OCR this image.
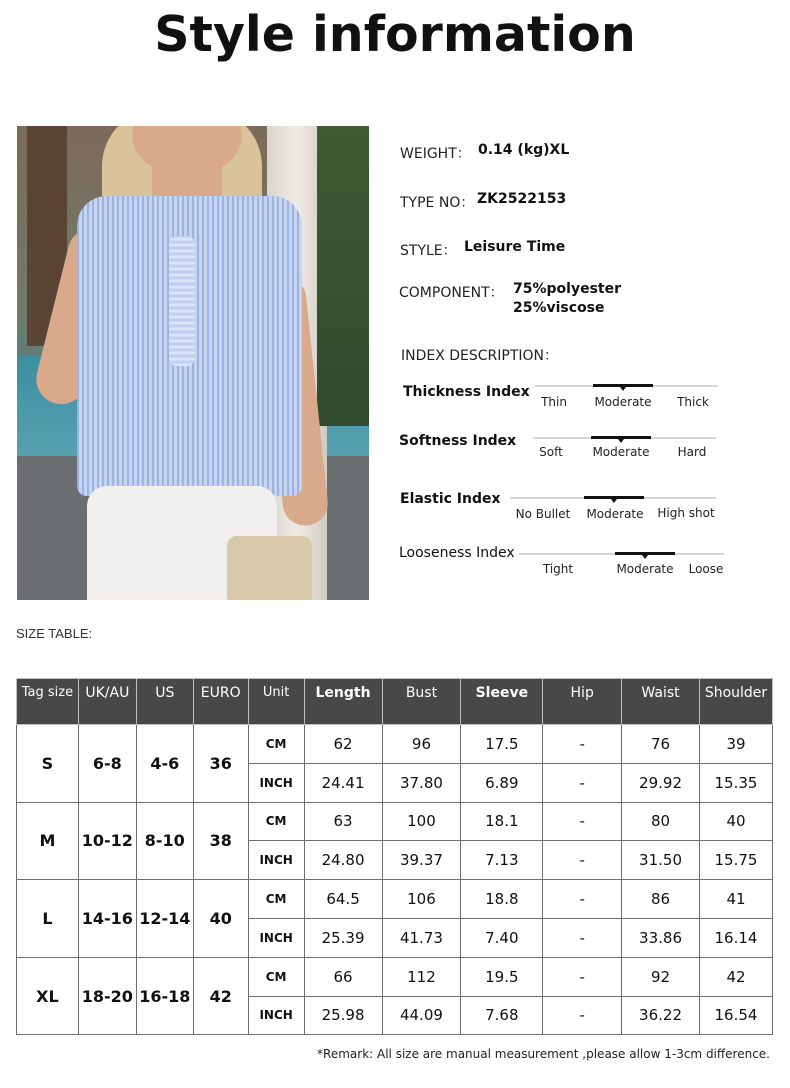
Style information
WEIGHT： 0.14 (kg)XL
TYPE NO： ZK2522153
STYLE： Leisure Time
COMPONENT： 75%polyester
25%viscose
INDEX DESCRIPTION：
Thickness Index
Thin	Moderate	Thick
Softness Index
Soft	Moderate	Hard
Elastic Index
No Bullet	Moderate	High shot
Looseness Index
Tight	Moderate	Loose
SIZE TABLE:
Tag size	UK/AU	US	EURO	Unit	Length	Bust	Sleeve	Hip	Waist	Shoulder
S	6-8	4-6	36	CM	62	96	17.5	-	76	39
				INCH	24.41	37.80	6.89	-	29.92	15.35
M	10-12	8-10	38	CM	63	100	18.1	-	80	40
				INCH	24.80	39.37	7.13	-	31.50	15.75
L	14-16	12-14	40	CM	64.5	106	18.8	-	86	41
				INCH	25.39	41.73	7.40	-	33.86	16.14
XL	18-20	16-18	42	CM	66	112	19.5	-	92	42
				INCH	25.98	44.09	7.68	-	36.22	16.54
*Remark: All size are manual measurement ,please allow 1-3cm difference.
